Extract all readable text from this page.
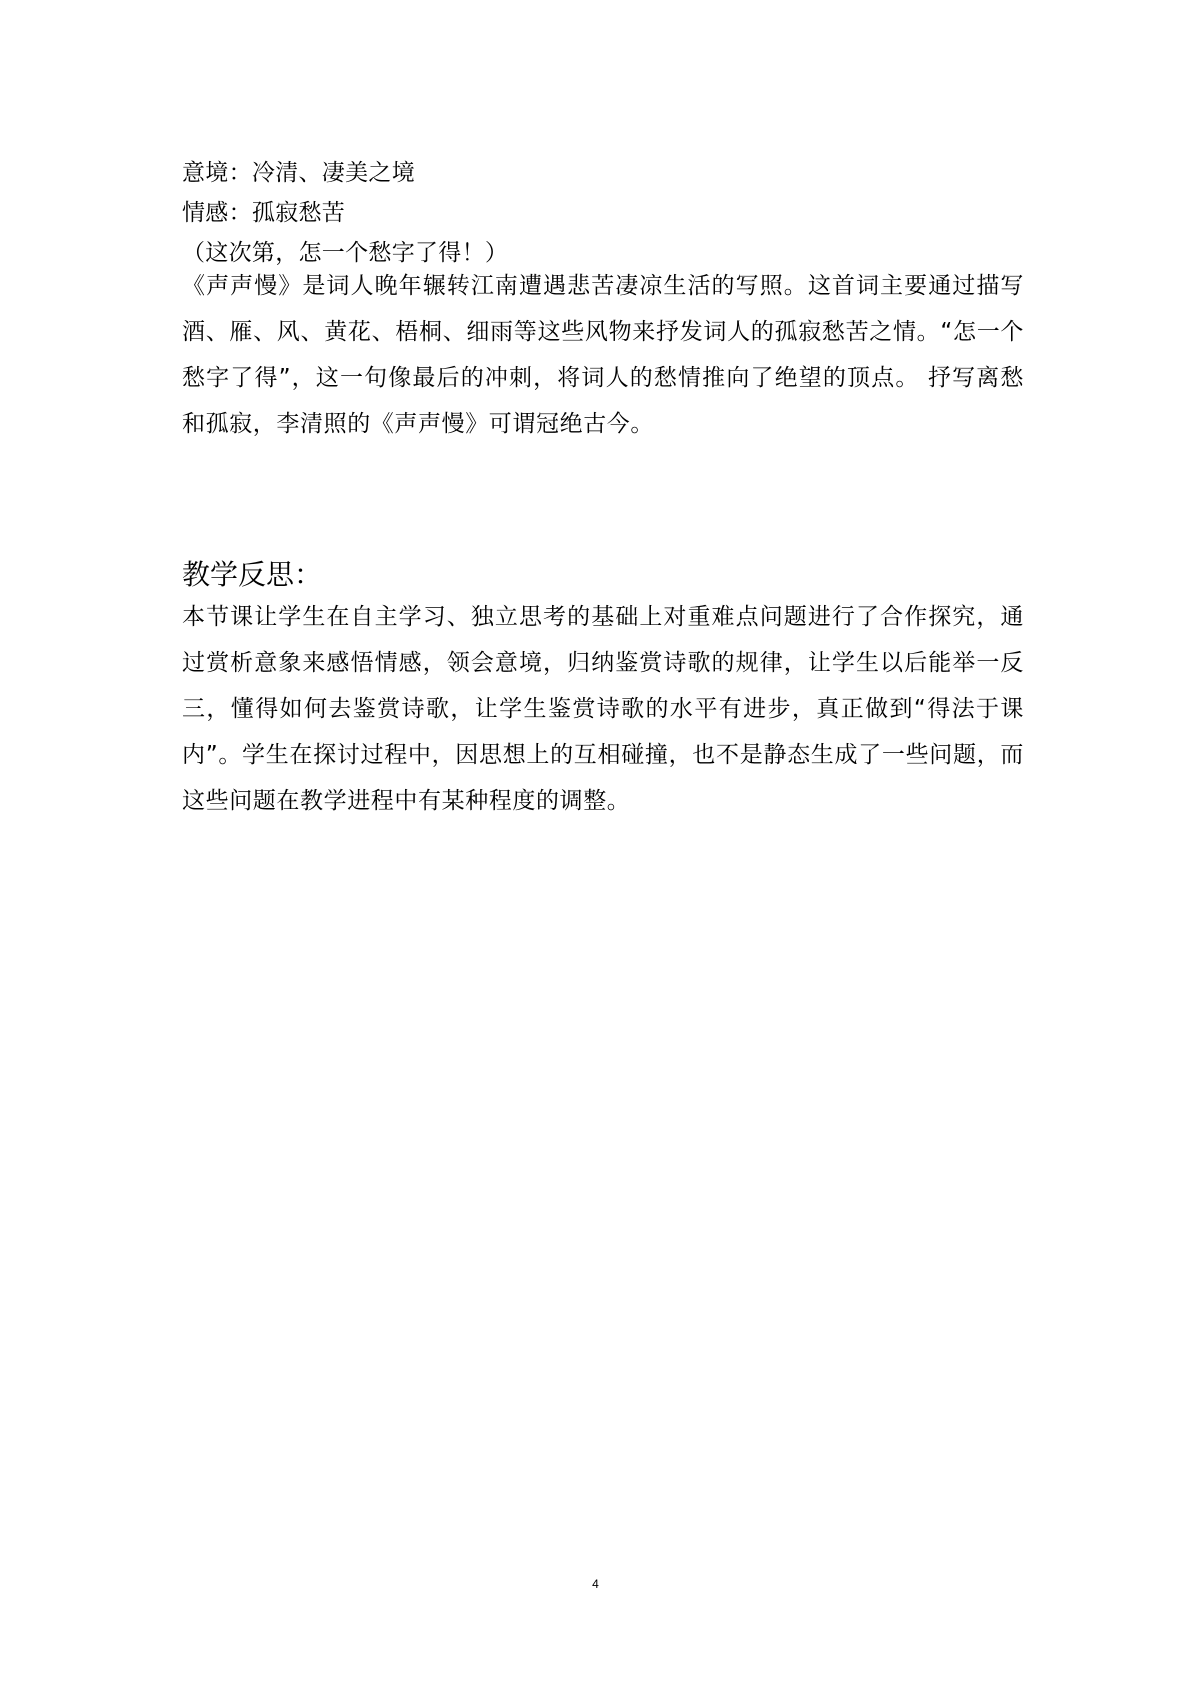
意境：冷清、凄美之境
情感：孤寂愁苦
（这次第，怎一个愁字了得！）
《声声慢》是词人晚年辗转江南遭遇悲苦凄凉生活的写照。这首词主要通过描写酒、雁、风、黄花、梧桐、细雨等这些风物来抒发词人的孤寂愁苦之情。“怎一个愁字了得”，这一句像最后的冲刺，将词人的愁情推向了绝望的顶点。 抒写离愁和孤寂，李清照的《声声慢》可谓冠绝古今。
教学反思：
本节课让学生在自主学习、独立思考的基础上对重难点问题进行了合作探究，通过赏析意象来感悟情感，领会意境，归纳鉴赏诗歌的规律，让学生以后能举一反三，懂得如何去鉴赏诗歌，让学生鉴赏诗歌的水平有进步，真正做到“得法于课内”。学生在探讨过程中，因思想上的互相碰撞，也不是静态生成了一些问题，而这些问题在教学进程中有某种程度的调整。
4
